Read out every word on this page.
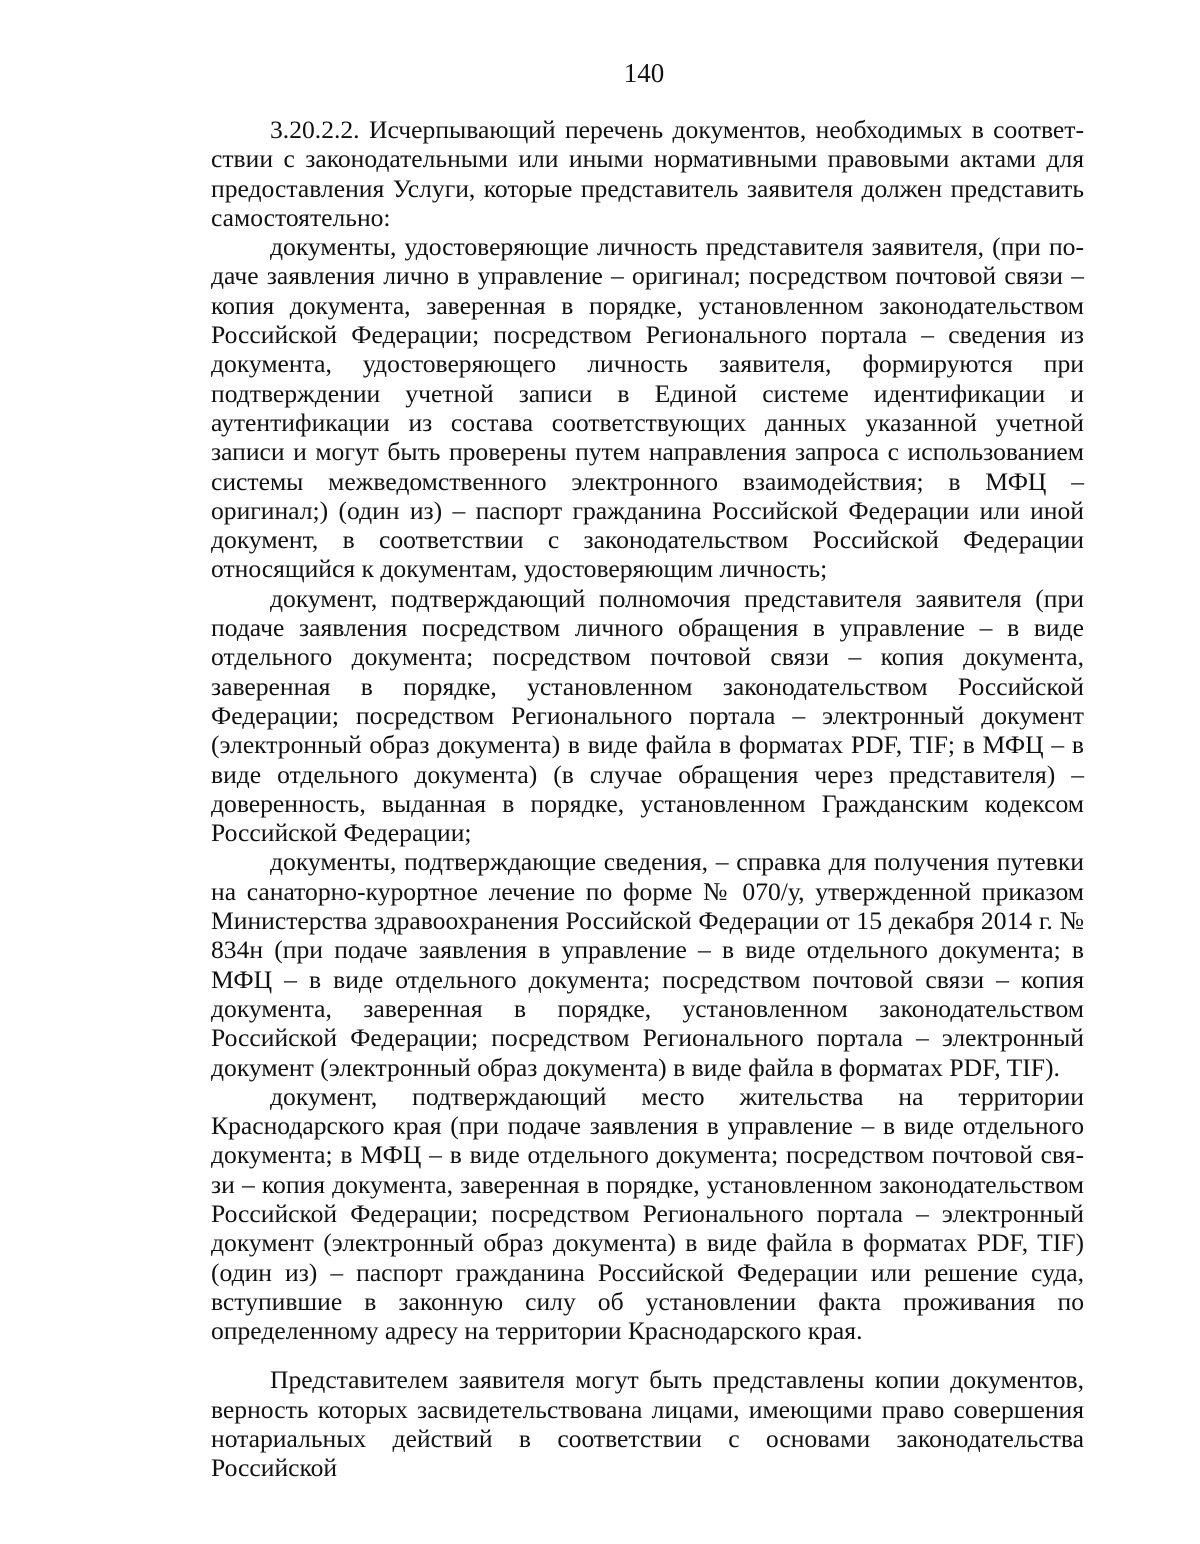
140

3.20.2.2. Исчерпывающий перечень документов, необходимых в соответствии с законодательными или иными нормативными правовыми актами для предоставления Услуги, которые представитель заявителя должен представить самостоятельно:

документы, удостоверяющие личность представителя заявителя, (при подаче заявления лично в управление – оригинал; посредством почтовой связи – копия документа, заверенная в порядке, установленном законодательством Российской Федерации; посредством Регионального портала – сведения из документа, удостоверяющего личность заявителя, формируются при подтверждении учетной записи в Единой системе идентификации и аутентификации из состава соответствующих данных указанной учетной записи и могут быть проверены путем направления запроса с использованием системы межведомственного электронного взаимодействия; в МФЦ – оригинал;) (один из) – паспорт гражданина Российской Федерации или иной документ, в соответствии с законодательством Российской Федерации относящийся к документам, удостоверяющим личность;

документ, подтверждающий полномочия представителя заявителя (при подаче заявления посредством личного обращения в управление – в виде отдельного документа; посредством почтовой связи – копия документа, заверенная в порядке, установленном законодательством Российской Федерации; посредством Регионального портала – электронный документ (электронный образ документа) в виде файла в форматах PDF, TIF; в МФЦ – в виде отдельного документа) (в случае обращения через представителя) – доверенность, выданная в порядке, установленном Гражданским кодексом Российской Федерации;

документы, подтверждающие сведения, – справка для получения путевки на санаторно-курортное лечение по форме № 070/у, утвержденной приказом Министерства здравоохранения Российской Федерации от 15 декабря 2014 г. № 834н (при подаче заявления в управление – в виде отдельного документа; в МФЦ – в виде отдельного документа; посредством почтовой связи – копия документа, заверенная в порядке, установленном законодательством Российской Федерации; посредством Регионального портала – электронный документ (электронный образ документа) в виде файла в форматах PDF, TIF).

документ, подтверждающий место жительства на территории Краснодарского края (при подаче заявления в управление – в виде отдельного документа; в МФЦ – в виде отдельного документа; посредством почтовой связи – копия документа, заверенная в порядке, установленном законодательством Российской Федерации; посредством Регионального портала – электронный документ (электронный образ документа) в виде файла в форматах PDF, TIF) (один из) – паспорт гражданина Российской Федерации или решение суда, вступившие в законную силу об установлении факта проживания по определенному адресу на территории Краснодарского края.

Представителем заявителя могут быть представлены копии документов, верность которых засвидетельствована лицами, имеющими право совершения нотариальных действий в соответствии с основами законодательства Российской
